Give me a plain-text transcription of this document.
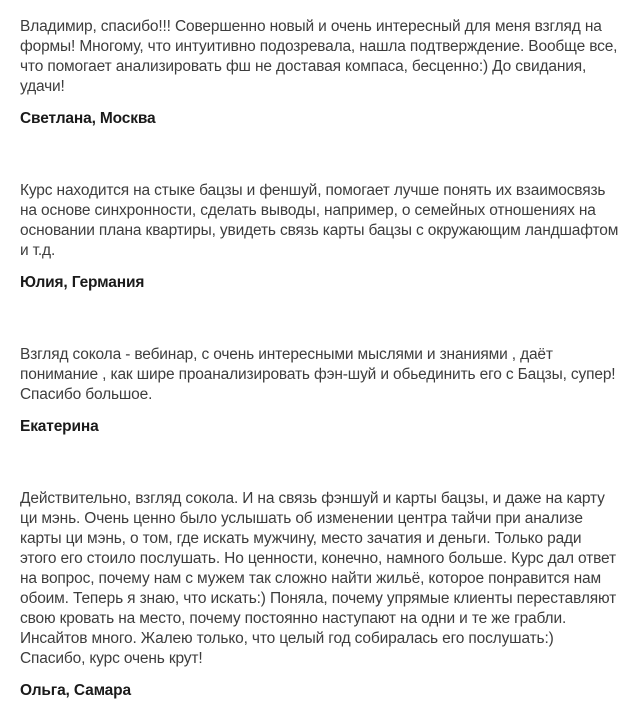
Владимир, спасибо!!! Совершенно новый и очень интересный для меня взгляд на формы! Многому, что интуитивно подозревала, нашла подтверждение. Вообще все, что помогает анализировать фш не доставая компаса, бесценно:) До свидания, удачи!

Светлана, Москва

Курс находится на стыке бацзы и феншуй, помогает лучше понять их взаимосвязь на основе синхронности, сделать выводы, например, о семейных отношениях на основании плана квартиры, увидеть связь карты бацзы с окружающим ландшафтом и т.д.

Юлия, Германия

Взгляд сокола - вебинар, с очень интересными мыслями и знаниями , даёт понимание , как шире проанализировать фэн-шуй и обьединить его с Бацзы, супер! Спасибо большое.

Екатерина

Действительно, взгляд сокола. И на связь фэншуй и карты бацзы, и даже на карту ци мэнь. Очень ценно было услышать об изменении центра тайчи при анализе карты ци мэнь, о том, где искать мужчину, место зачатия и деньги. Только ради этого его стоило послушать. Но ценности, конечно, намного больше. Курс дал ответ на вопрос, почему нам с мужем так сложно найти жильё, которое понравится нам обоим. Теперь я знаю, что искать:) Поняла, почему упрямые клиенты переставляют свою кровать на место, почему постоянно наступают на одни и те же грабли. Инсайтов много. Жалею только, что целый год собиралась его послушать:) Спасибо, курс очень крут!

Ольга, Самара
